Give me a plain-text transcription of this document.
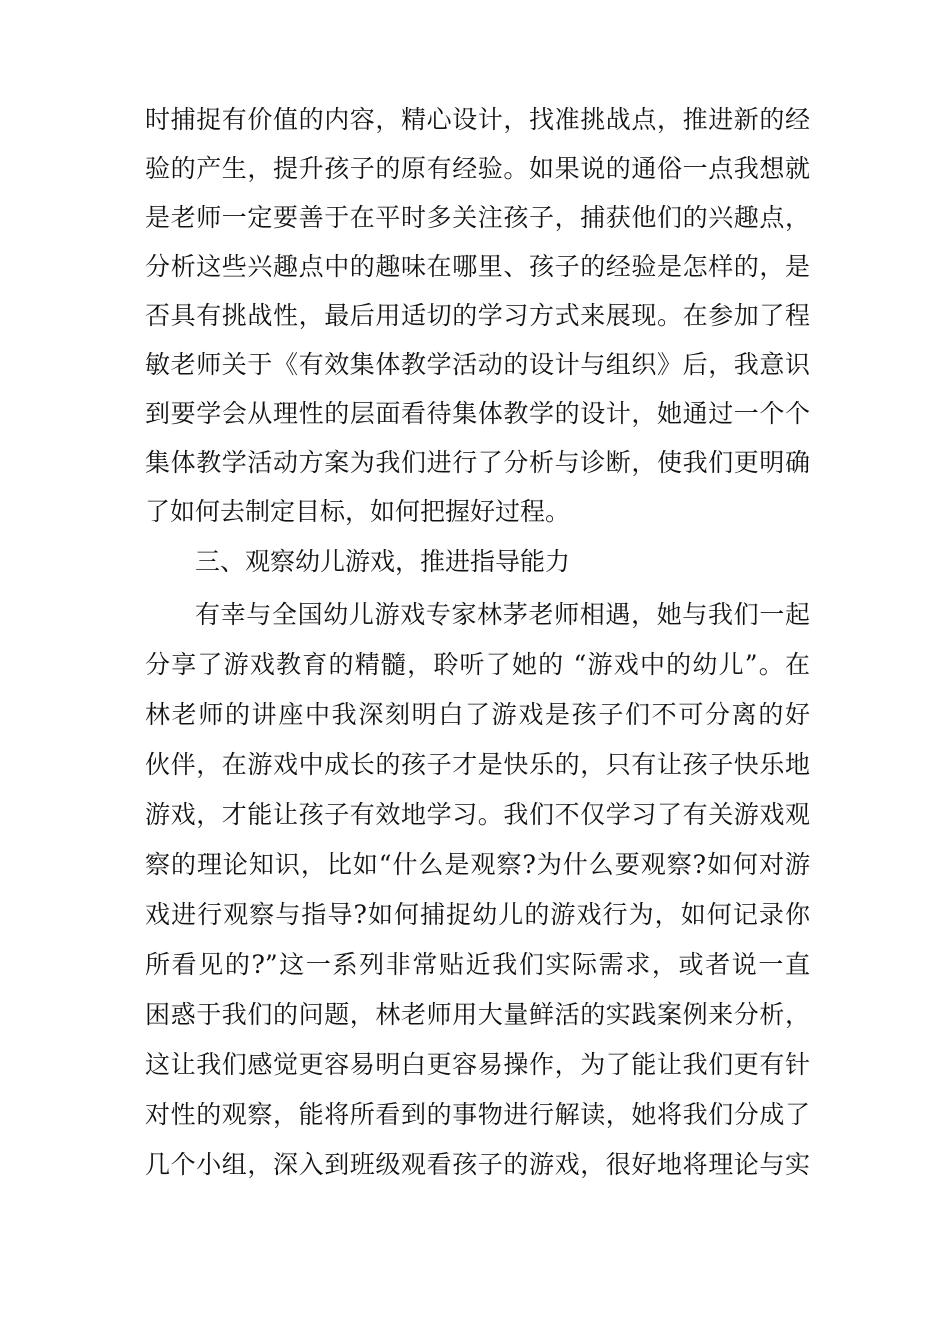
时捕捉有价值的内容，精心设计，找准挑战点，推进新的经
验的产生，提升孩子的原有经验。如果说的通俗一点我想就
是老师一定要善于在平时多关注孩子，捕获他们的兴趣点，
分析这些兴趣点中的趣味在哪里、孩子的经验是怎样的，是
否具有挑战性，最后用适切的学习方式来展现。在参加了程
敏老师关于《有效集体教学活动的设计与组织》后，我意识
到要学会从理性的层面看待集体教学的设计，她通过一个个
集体教学活动方案为我们进行了分析与诊断，使我们更明确
了如何去制定目标，如何把握好过程。
三、观察幼儿游戏，推进指导能力
有幸与全国幼儿游戏专家林茅老师相遇，她与我们一起
分享了游戏教育的精髓，聆听了她的 “游戏中的幼儿”。在
林老师的讲座中我深刻明白了游戏是孩子们不可分离的好
伙伴，在游戏中成长的孩子才是快乐的，只有让孩子快乐地
游戏，才能让孩子有效地学习。我们不仅学习了有关游戏观
察的理论知识，比如“什么是观察?为什么要观察?如何对游
戏进行观察与指导?如何捕捉幼儿的游戏行为，如何记录你
所看见的?”这一系列非常贴近我们实际需求，或者说一直
困惑于我们的问题，林老师用大量鲜活的实践案例来分析，
这让我们感觉更容易明白更容易操作，为了能让我们更有针
对性的观察，能将所看到的事物进行解读，她将我们分成了
几个小组，深入到班级观看孩子的游戏，很好地将理论与实
